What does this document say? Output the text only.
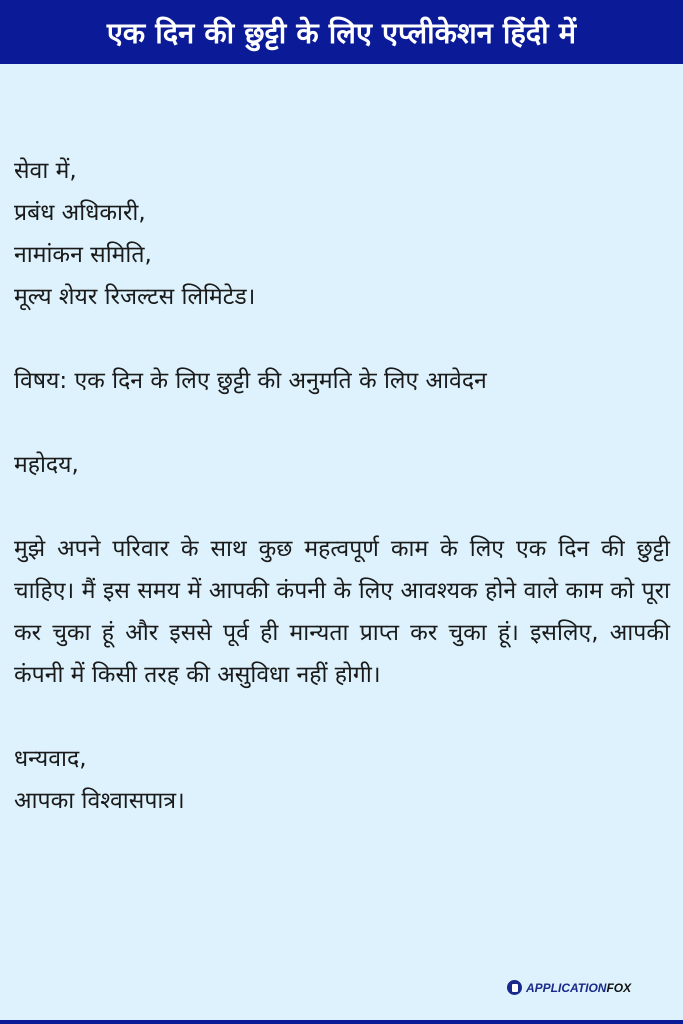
एक दिन की छुट्टी के लिए एप्लीकेशन हिंदी में

सेवा में,

प्रबंध अधिकारी,

नामांकन समिति,

मूल्य शेयर रिजल्टस लिमिटेड।

विषय: एक दिन के लिए छुट्टी की अनुमति के लिए आवेदन

महोदय,

मुझे अपने परिवार के साथ कुछ महत्वपूर्ण काम के लिए एक दिन की छुट्टी चाहिए। मैं इस समय में आपकी कंपनी के लिए आवश्यक होने वाले काम को पूरा कर चुका हूं और इससे पूर्व ही मान्यता प्राप्त कर चुका हूं। इसलिए, आपकी कंपनी में किसी तरह की असुविधा नहीं होगी।

धन्यवाद,

आपका विश्वासपात्र।

APPLICATIONFOX
